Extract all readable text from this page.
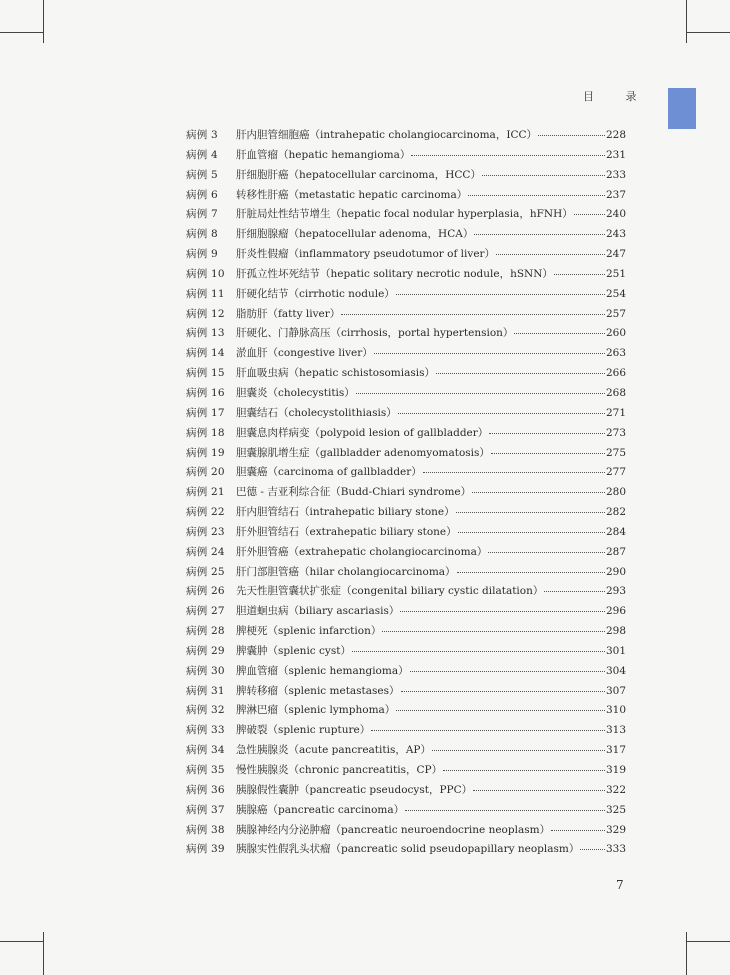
目 录
病例 3	肝内胆管细胞癌（intrahepatic cholangiocarcinoma，ICC）	228
病例 4	肝血管瘤（hepatic hemangioma）	231
病例 5	肝细胞肝癌（hepatocellular carcinoma，HCC）	233
病例 6	转移性肝癌（metastatic hepatic carcinoma）	237
病例 7	肝脏局灶性结节增生（hepatic focal nodular hyperplasia，hFNH）	240
病例 8	肝细胞腺瘤（hepatocellular adenoma，HCA）	243
病例 9	肝炎性假瘤（inflammatory pseudotumor of liver）	247
病例 10	肝孤立性坏死结节（hepatic solitary necrotic nodule，hSNN）	251
病例 11	肝硬化结节（cirrhotic nodule）	254
病例 12	脂肪肝（fatty liver）	257
病例 13	肝硬化、门静脉高压（cirrhosis，portal hypertension）	260
病例 14	淤血肝（congestive liver）	263
病例 15	肝血吸虫病（hepatic schistosomiasis）	266
病例 16	胆囊炎（cholecystitis）	268
病例 17	胆囊结石（cholecystolithiasis）	271
病例 18	胆囊息肉样病变（polypoid lesion of gallbladder）	273
病例 19	胆囊腺肌增生症（gallbladder adenomyomatosis）	275
病例 20	胆囊癌（carcinoma of gallbladder）	277
病例 21	巴德 - 吉亚利综合征（Budd-Chiari syndrome）	280
病例 22	肝内胆管结石（intrahepatic biliary stone）	282
病例 23	肝外胆管结石（extrahepatic biliary stone）	284
病例 24	肝外胆管癌（extrahepatic cholangiocarcinoma）	287
病例 25	肝门部胆管癌（hilar cholangiocarcinoma）	290
病例 26	先天性胆管囊状扩张症（congenital biliary cystic dilatation）	293
病例 27	胆道蛔虫病（biliary ascariasis）	296
病例 28	脾梗死（splenic infarction）	298
病例 29	脾囊肿（splenic cyst）	301
病例 30	脾血管瘤（splenic hemangioma）	304
病例 31	脾转移瘤（splenic metastases）	307
病例 32	脾淋巴瘤（splenic lymphoma）	310
病例 33	脾破裂（splenic rupture）	313
病例 34	急性胰腺炎（acute pancreatitis，AP）	317
病例 35	慢性胰腺炎（chronic pancreatitis，CP）	319
病例 36	胰腺假性囊肿（pancreatic pseudocyst，PPC）	322
病例 37	胰腺癌（pancreatic carcinoma）	325
病例 38	胰腺神经内分泌肿瘤（pancreatic neuroendocrine neoplasm）	329
病例 39	胰腺实性假乳头状瘤（pancreatic solid pseudopapillary neoplasm）	333
7
